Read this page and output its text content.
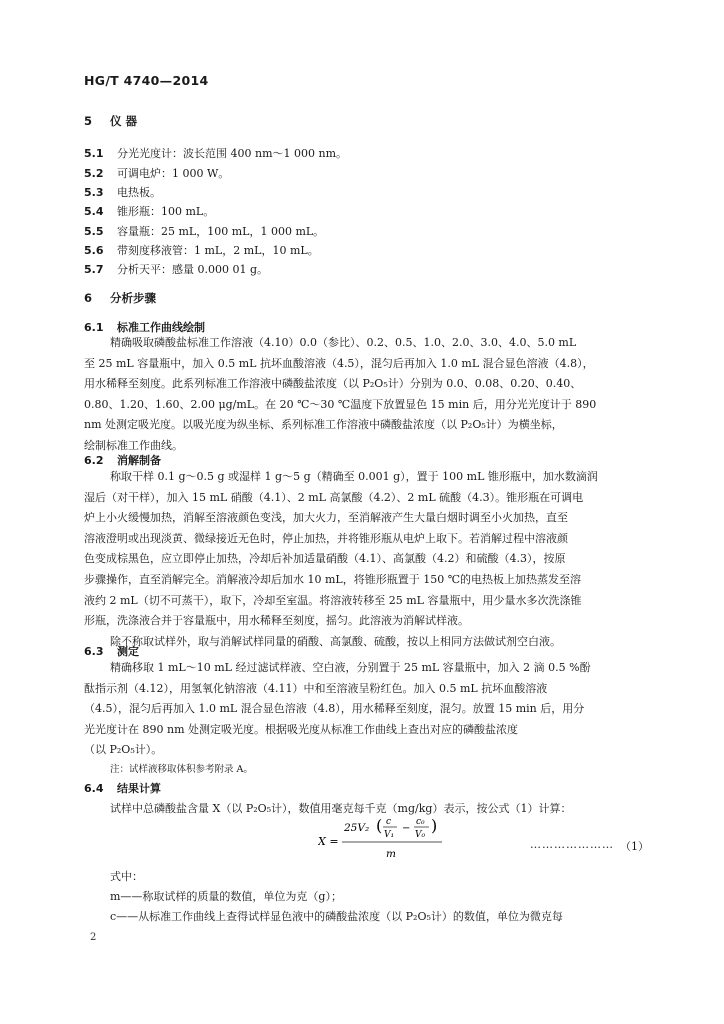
HG/T 4740—2014
5 仪 器
5.1 分光光度计：波长范围 400 nm～1 000 nm。
5.2 可调电炉：1 000 W。
5.3 电热板。
5.4 锥形瓶：100 mL。
5.5 容量瓶：25 mL，100 mL，1 000 mL。
5.6 带刻度移液管：1 mL，2 mL，10 mL。
5.7 分析天平：感量 0.000 01 g。
6 分析步骤
6.1 标准工作曲线绘制
精确吸取磷酸盐标准工作溶液（4.10）0.0（参比）、0.2、0.5、1.0、2.0、3.0、4.0、5.0 mL
至 25 mL 容量瓶中，加入 0.5 mL 抗坏血酸溶液（4.5），混匀后再加入 1.0 mL 混合显色溶液（4.8），
用水稀释至刻度。此系列标准工作溶液中磷酸盐浓度（以 P₂O₅计）分别为 0.0、0.08、0.20、0.40、
0.80、1.20、1.60、2.00 μg/mL。在 20 ℃～30 ℃温度下放置显色 15 min 后，用分光光度计于 890
nm 处测定吸光度。以吸光度为纵坐标、系列标准工作溶液中磷酸盐浓度（以 P₂O₅计）为横坐标，
绘制标准工作曲线。
6.2 消解制备
称取干样 0.1 g～0.5 g 或湿样 1 g～5 g（精确至 0.001 g），置于 100 mL 锥形瓶中，加水数滴润
湿后（对干样），加入 15 mL 硝酸（4.1）、2 mL 高氯酸（4.2）、2 mL 硫酸（4.3）。锥形瓶在可调电
炉上小火缓慢加热，消解至溶液颜色变浅，加大火力，至消解液产生大量白烟时调至小火加热，直至
溶液澄明或出现淡黄、微绿接近无色时，停止加热，并将锥形瓶从电炉上取下。若消解过程中溶液颜
色变成棕黑色，应立即停止加热，冷却后补加适量硝酸（4.1）、高氯酸（4.2）和硫酸（4.3），按原
步骤操作，直至消解完全。消解液冷却后加水 10 mL，将锥形瓶置于 150 ℃的电热板上加热蒸发至溶
液约 2 mL（切不可蒸干），取下，冷却至室温。将溶液转移至 25 mL 容量瓶中，用少量水多次洗涤锥
形瓶，洗涤液合并于容量瓶中，用水稀释至刻度，摇匀。此溶液为消解试样液。
除不称取试样外，取与消解试样同量的硝酸、高氯酸、硫酸，按以上相同方法做试剂空白液。
6.3 测定
精确移取 1 mL～10 mL 经过滤试样液、空白液，分别置于 25 mL 容量瓶中，加入 2 滴 0.5 %酚
酞指示剂（4.12），用氢氧化钠溶液（4.11）中和至溶液呈粉红色。加入 0.5 mL 抗坏血酸溶液
（4.5），混匀后再加入 1.0 mL 混合显色溶液（4.8），用水稀释至刻度，混匀。放置 15 min 后，用分
光光度计在 890 nm 处测定吸光度。根据吸光度从标准工作曲线上查出对应的磷酸盐浓度
（以 P₂O₅计）。
注：试样液移取体积参考附录 A。
6.4 结果计算
试样中总磷酸盐含量 X（以 P₂O₅计），数值用毫克每千克（mg/kg）表示，按公式（1）计算：
X =
25V₂ ( c
V₁
−
c₀
V₀ )
m
………………… （1）
式中：
m——称取试样的质量的数值，单位为克（g）；
c——从标准工作曲线上查得试样显色液中的磷酸盐浓度（以 P₂O₅计）的数值，单位为微克每
2
